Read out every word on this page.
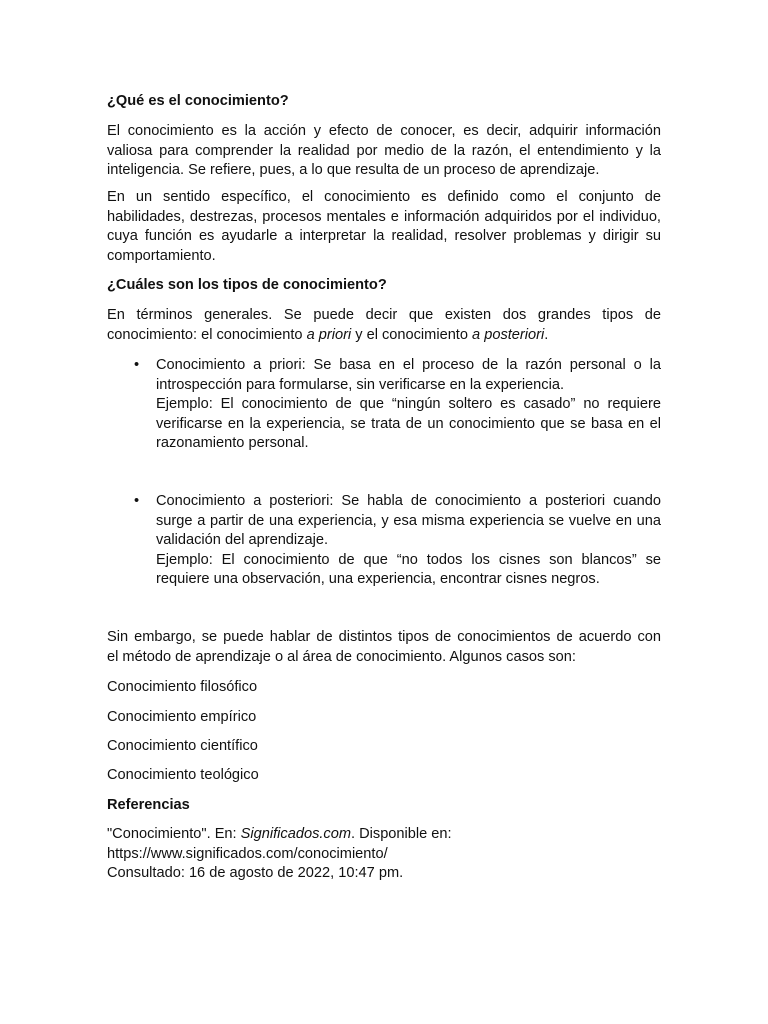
¿Qué es el conocimiento?
El conocimiento es la acción y efecto de conocer, es decir, adquirir información
valiosa para comprender la realidad por medio de la razón, el entendimiento y la
inteligencia. Se refiere, pues, a lo que resulta de un proceso de aprendizaje.
En un sentido específico, el conocimiento es definido como el conjunto de
habilidades, destrezas, procesos mentales e información adquiridos por el individuo,
cuya función es ayudarle a interpretar la realidad, resolver problemas y dirigir su
comportamiento.
¿Cuáles son los tipos de conocimiento?
En términos generales. Se puede decir que existen dos grandes tipos de
conocimiento: el conocimiento a priori y el conocimiento a posteriori.
• Conocimiento a priori: Se basa en el proceso de la razón personal o la
introspección para formularse, sin verificarse en la experiencia.
Ejemplo: El conocimiento de que “ningún soltero es casado” no requiere
verificarse en la experiencia, se trata de un conocimiento que se basa en el
razonamiento personal.
• Conocimiento a posteriori: Se habla de conocimiento a posteriori cuando
surge a partir de una experiencia, y esa misma experiencia se vuelve en una
validación del aprendizaje.
Ejemplo: El conocimiento de que “no todos los cisnes son blancos” se
requiere una observación, una experiencia, encontrar cisnes negros.
Sin embargo, se puede hablar de distintos tipos de conocimientos de acuerdo con
el método de aprendizaje o al área de conocimiento. Algunos casos son:

Conocimiento filosófico

Conocimiento empírico

Conocimiento científico

Conocimiento teológico

Referencias
"Conocimiento". En: Significados.com. Disponible en:
https://www.significados.com/conocimiento/
Consultado: 16 de agosto de 2022, 10:47 pm.
